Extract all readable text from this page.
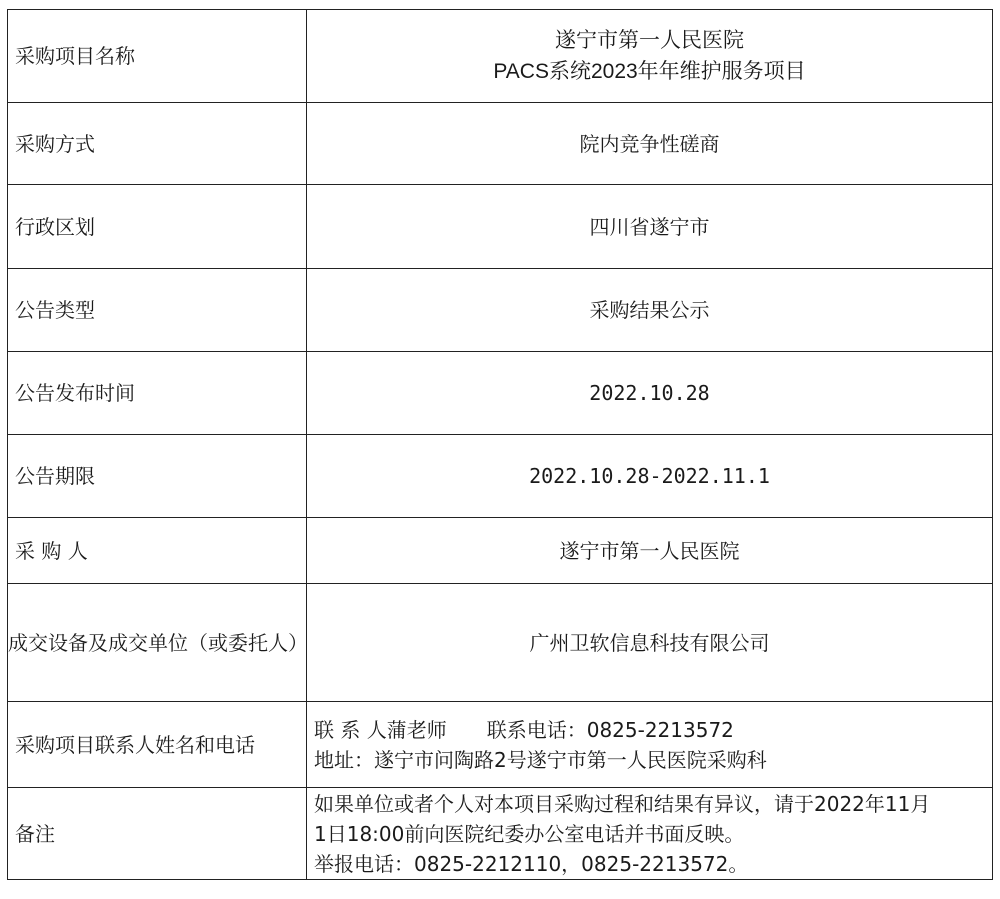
采购项目名称	遂宁市第一人民医院
PACS系统2023年年维护服务项目

采购方式	院内竞争性磋商
行政区划	四川省遂宁市
公告类型	采购结果公示
公告发布时间	2022.10.28
公告期限	2022.10.28-2022.11.1
采 购 人	遂宁市第一人民医院
成交设备及成交单位（或委托人）	广州卫软信息科技有限公司
采购项目联系人姓名和电话	联 系 人蒲老师 联系电话：0825-2213572
地址：遂宁市问陶路2号遂宁市第一人民医院采购科

备注	如果单位或者个人对本项目采购过程和结果有异议，请于2022年11月
1日18:00前向医院纪委办公室电话并书面反映。
举报电话：0825-2212110，0825-2213572。
